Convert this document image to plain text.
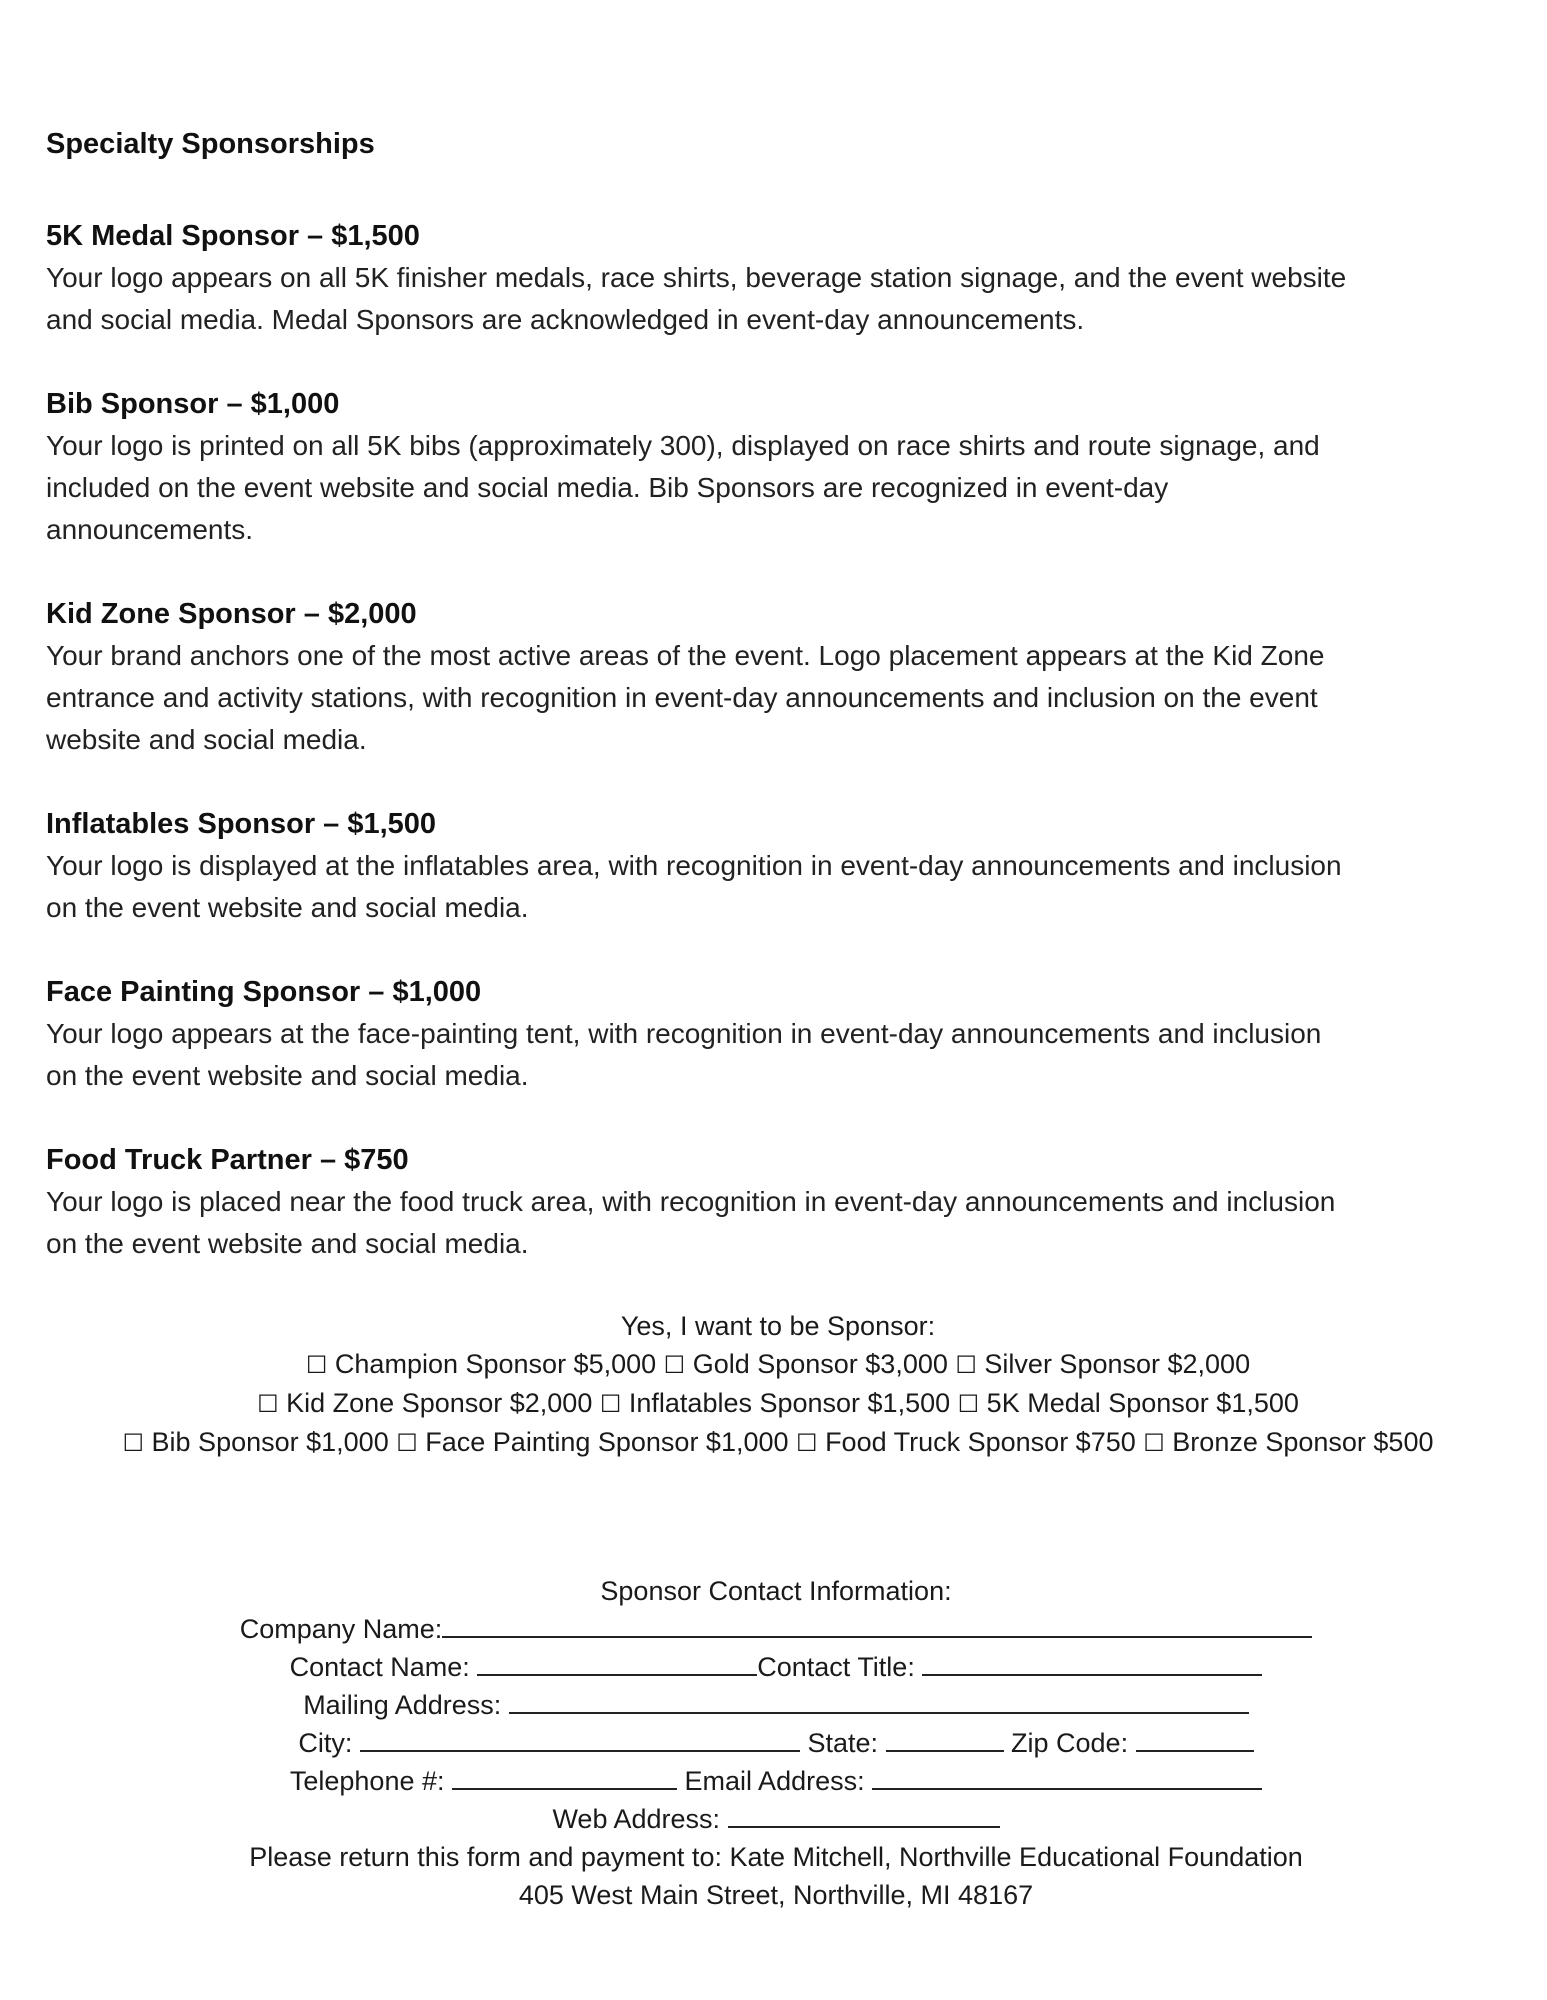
Specialty Sponsorships
5K Medal Sponsor – $1,500
Your logo appears on all 5K finisher medals, race shirts, beverage station signage, and the event website
and social media. Medal Sponsors are acknowledged in event-day announcements.
Bib Sponsor – $1,000
Your logo is printed on all 5K bibs (approximately 300), displayed on race shirts and route signage, and
included on the event website and social media. Bib Sponsors are recognized in event-day
announcements.
Kid Zone Sponsor – $2,000
Your brand anchors one of the most active areas of the event. Logo placement appears at the Kid Zone
entrance and activity stations, with recognition in event-day announcements and inclusion on the event
website and social media.
Inflatables Sponsor – $1,500
Your logo is displayed at the inflatables area, with recognition in event-day announcements and inclusion
on the event website and social media.
Face Painting Sponsor – $1,000
Your logo appears at the face-painting tent, with recognition in event-day announcements and inclusion
on the event website and social media.
Food Truck Partner – $750
Your logo is placed near the food truck area, with recognition in event-day announcements and inclusion
on the event website and social media.
Yes, I want to be Sponsor:
☐ Champion Sponsor $5,000 ☐ Gold Sponsor $3,000 ☐ Silver Sponsor $2,000
☐ Kid Zone Sponsor $2,000 ☐ Inflatables Sponsor $1,500 ☐ 5K Medal Sponsor $1,500
☐ Bib Sponsor $1,000 ☐ Face Painting Sponsor $1,000 ☐ Food Truck Sponsor $750 ☐ Bronze Sponsor $500
Sponsor Contact Information:
Company Name:
Contact Name:	Contact Title:
Mailing Address:
City:	State:	Zip Code:
Telephone #:	Email Address:
Web Address:
Please return this form and payment to: Kate Mitchell, Northville Educational Foundation
405 West Main Street, Northville, MI 48167
